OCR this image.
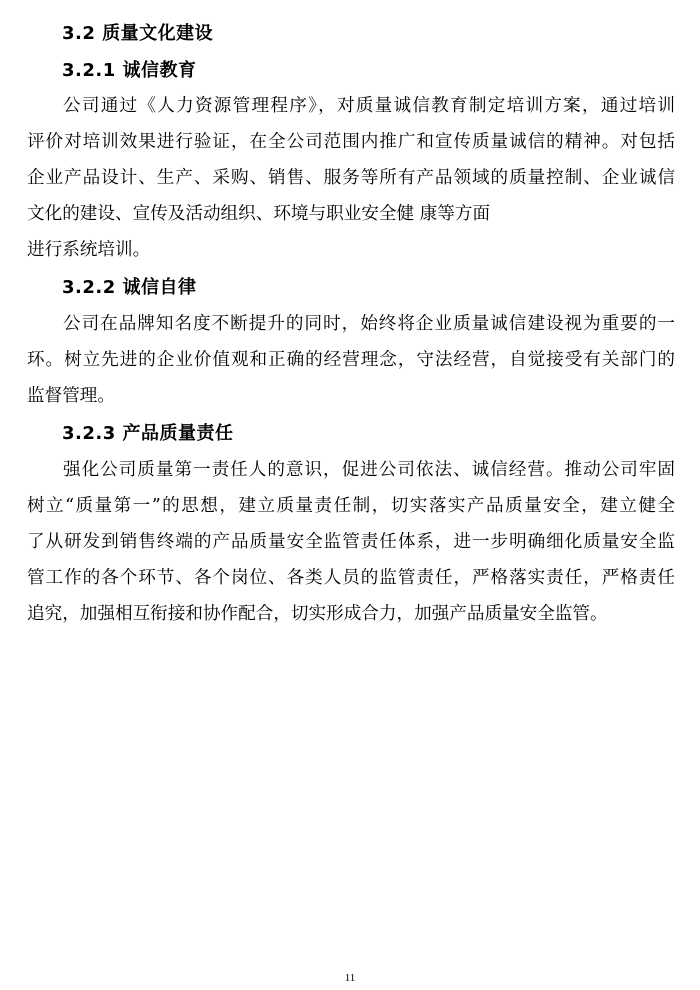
3.2 质量文化建设
3.2.1 诚信教育
公司通过《人力资源管理程序》，对质量诚信教育制定培训方案，通过培训
评价对培训效果进行验证，在全公司范围内推广和宣传质量诚信的精神。对包括
企业产品设计、生产、采购、销售、服务等所有产品领域的质量控制、企业诚信
文化的建设、宣传及活动组织、环境与职业安全健 康等方面
进行系统培训。
3.2.2 诚信自律
公司在品牌知名度不断提升的同时，始终将企业质量诚信建设视为重要的一
环。树立先进的企业价值观和正确的经营理念，守法经营，自觉接受有关部门的
监督管理。
3.2.3 产品质量责任
强化公司质量第一责任人的意识，促进公司依法、诚信经营。推动公司牢固
树立“质量第一”的思想，建立质量责任制，切实落实产品质量安全，建立健全
了从研发到销售终端的产品质量安全监管责任体系，进一步明确细化质量安全监
管工作的各个环节、各个岗位、各类人员的监管责任，严格落实责任，严格责任
追究，加强相互衔接和协作配合，切实形成合力，加强产品质量安全监管。
11
